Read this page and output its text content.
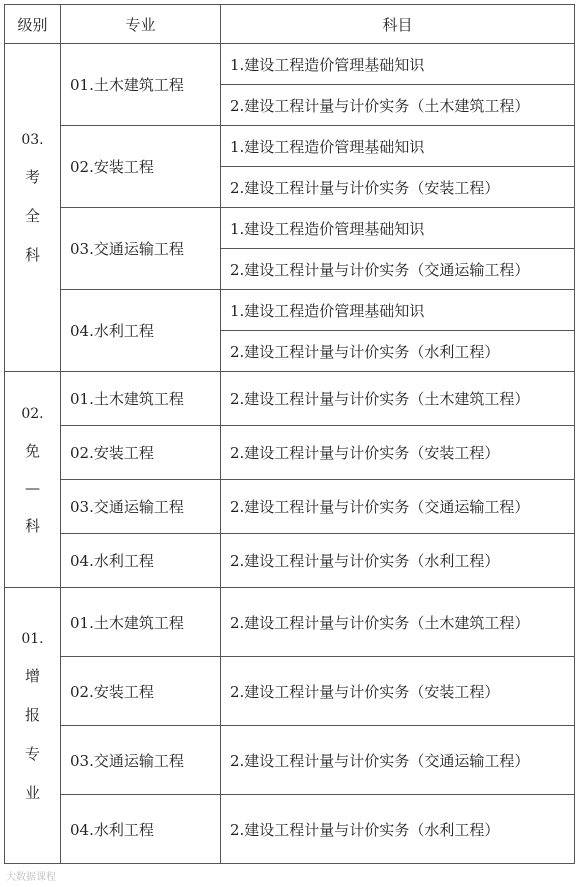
级别	专业	科目

03.
考
全
科	01.土木建筑工程	1.建设工程造价管理基础知识
		2.建设工程计量与计价实务（土木建筑工程）
	02.安装工程	1.建设工程造价管理基础知识
		2.建设工程计量与计价实务（安装工程）
	03.交通运输工程	1.建设工程造价管理基础知识
		2.建设工程计量与计价实务（交通运输工程）
	04.水利工程	1.建设工程造价管理基础知识
		2.建设工程计量与计价实务（水利工程）

02.
免
—
科	01.土木建筑工程	2.建设工程计量与计价实务（土木建筑工程）
	02.安装工程	2.建设工程计量与计价实务（安装工程）
	03.交通运输工程	2.建设工程计量与计价实务（交通运输工程）
	04.水利工程	2.建设工程计量与计价实务（水利工程）

01.
增
报
专
业	01.土木建筑工程	2.建设工程计量与计价实务（土木建筑工程）
	02.安装工程	2.建设工程计量与计价实务（安装工程）
	03.交通运输工程	2.建设工程计量与计价实务（交通运输工程）
	04.水利工程	2.建设工程计量与计价实务（水利工程）
大数据课程
